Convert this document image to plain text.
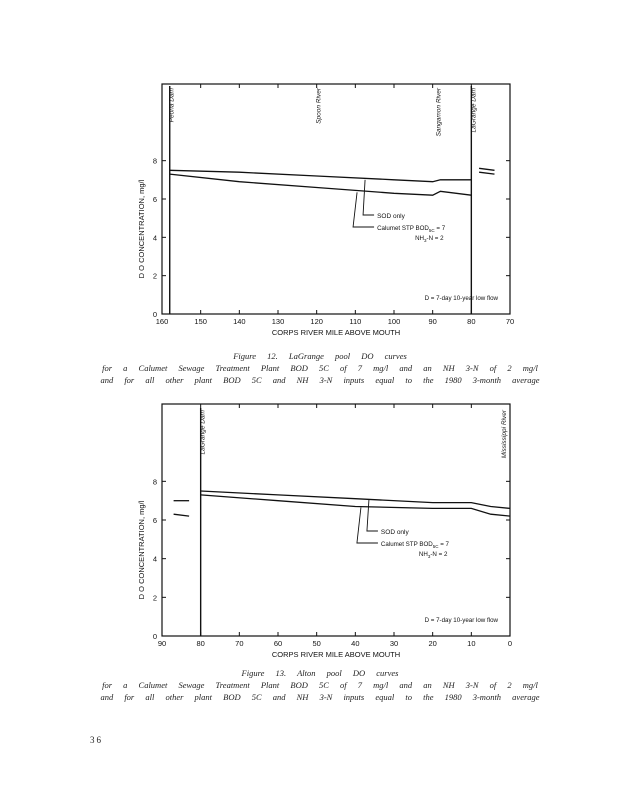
160	150	140	130	120	110	100	90	80	70
0
2
4
6
8
CORPS RIVER MILE ABOVE MOUTH
D O CONCENTRATION, mg/l
Peoria Dam	Spoon River	Sangamon River	LaGrange Dam
SOD only
Calumet STP $BOD_{5C} = 7$
$NH_3-N = 2$
D = 7-day 10-year low flow
90	80	70	60	50	40	30	20	10	0
0
2
4
6
8
CORPS RIVER MILE ABOVE MOUTH
D O CONCENTRATION, mg/l
LaGrange Dam	Mississippi River
SOD only
Calumet STP $BOD_{5C} = 7$
$NH_3-N = 2$
D = 7-day 10-year low flow
Figure 12. LaGrange pool DO curves
for a Calumet Sewage Treatment Plant BOD 5C of 7 mg/l and an NH 3-N of 2 mg/l
and for all other plant BOD 5C and NH 3-N inputs equal to the 1980 3-month average
Figure 13. Alton pool DO curves
for a Calumet Sewage Treatment Plant BOD 5C of 7 mg/l and an NH 3-N of 2 mg/l
and for all other plant BOD 5C and NH 3-N inputs equal to the 1980 3-month average
36
